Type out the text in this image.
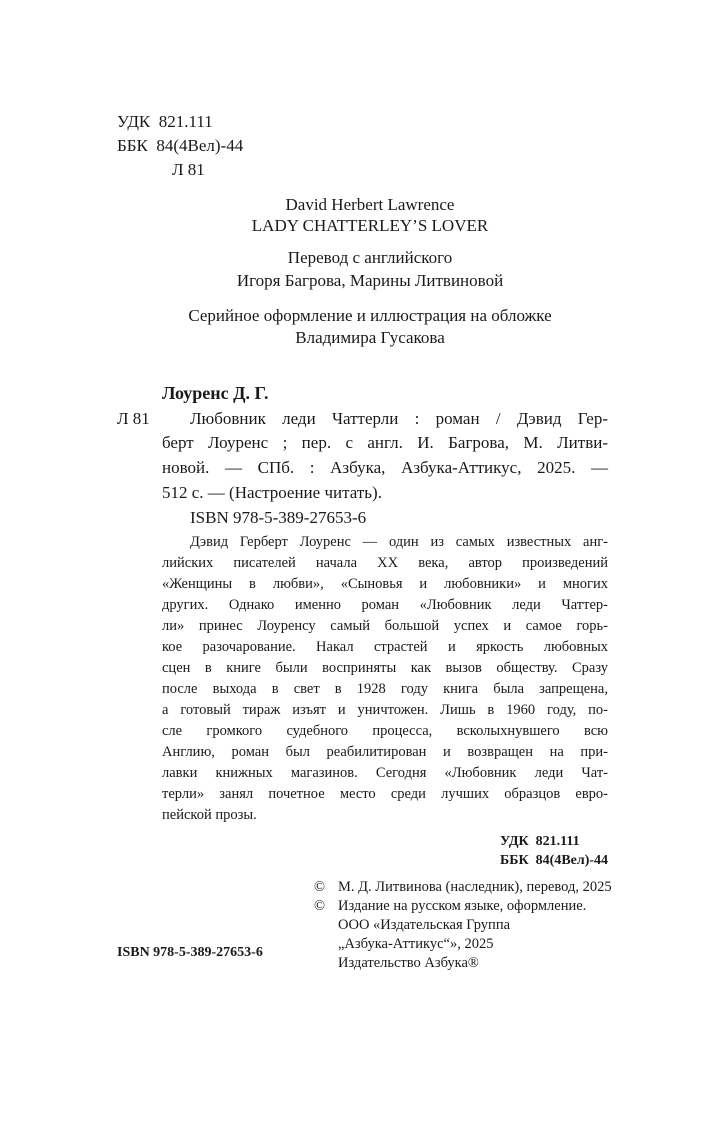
УДК  821.111
ББК  84(4Вел)-44
Л 81
David Herbert Lawrence
LADY CHATTERLEY’S LOVER
Перевод с английского
Игоря Багрова, Марины Литвиновой
Серийное оформление и иллюстрация на обложке
Владимира Гусакова
Лоуренс Д. Г.
Л 81 Любовник леди Чаттерли : роман / Дэвид Гер-
берт Лоуренс ; пер. с англ. И. Багрова, М. Литви-
новой. — СПб. : Азбука, Азбука-Аттикус, 2025. —
512 с. — (Настроение читать).
ISBN 978-5-389-27653-6
Дэвид Герберт Лоуренс — один из самых известных анг-
лийских писателей начала XX века, автор произведений
«Женщины в любви», «Сыновья и любовники» и многих
других. Однако именно роман «Любовник леди Чаттер-
ли» принес Лоуренсу самый большой успех и самое горь-
кое разочарование. Накал страстей и яркость любовных
сцен в книге были восприняты как вызов обществу. Сразу
после выхода в свет в 1928 году книга была запрещена,
а готовый тираж изъят и уничтожен. Лишь в 1960 году, по-
сле громкого судебного процесса, всколыхнувшего всю
Англию, роман был реабилитирован и возвращен на при-
лавки книжных магазинов. Сегодня «Любовник леди Чат-
терли» занял почетное место среди лучших образцов евро-
пейской прозы.
УДК  821.111
ББК  84(4Вел)-44
ISBN 978-5-389-27653-6
© М. Д. Литвинова (наследник), перевод, 2025
© Издание на русском языке, оформление.
ООО «Издательская Группа
„Азбука-Аттикус“», 2025
Издательство Азбука®
